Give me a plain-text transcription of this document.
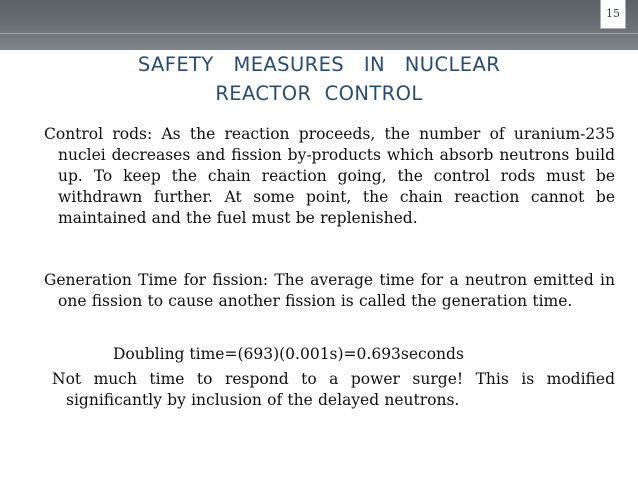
15
SAFETY   MEASURES   IN   NUCLEAR
REACTOR  CONTROL

Control rods: As the reaction proceeds, the number of uranium-235 nuclei decreases and fission by-products which absorb neutrons build up. To keep the chain reaction going, the control rods must be withdrawn further. At some point, the chain reaction cannot be maintained and the fuel must be replenished.

Generation Time for fission: The average time for a neutron emitted in one fission to cause another fission is called the generation time.

Doubling time=(693)(0.001s)=0.693seconds

Not much time to respond to a power surge! This is modified significantly by inclusion of the delayed neutrons.
